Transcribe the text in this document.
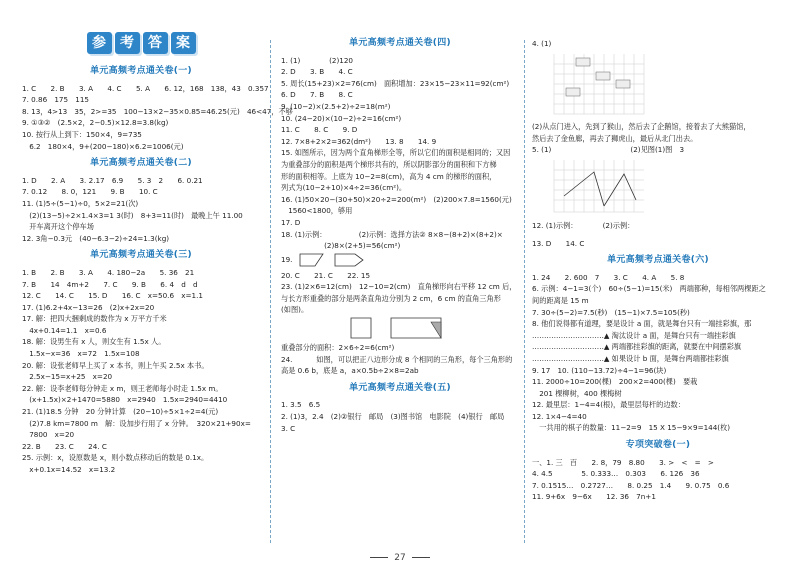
参	考	答	案
单元高频考点通关卷(一)
1. C　　2. B　　3. A　　4. C　　5. A　　6. 12，168　138，43　0.357
7. 0.86　175　115
8. 13，4>13　35，2>=35　100−13×2−35×0.85=46.25(元)　46<47，不够
9. ①③②　(2.5×2，2−0.5)×12.8=3.8(kg)
10. 按行从上到下：150×4，9=735
　6.2　180×4，9+(200−180)×6.2=1006(元)
单元高频考点通关卷(二)
1. D　　2. A　　3. 2.17　6.9　　5. 3　2　　6. 0.21
7. 0.12　　8. 0，121　　9. B　　10. C
11. (1)5÷(5−1)÷0，5×2=21(次)
　(2)(13−5)÷2×1.4×3=1 3(时)　8+3=11(时)　最晚上午 11.00
　开车离开这个停车场
12. 3角−0.3元　(40−6.3−2)÷24=1.3(kg)
单元高频考点通关卷(三)
1. B　　2. B　　3. A　　4. 180−2a　　5. 36　21
7. B　　14　4m+2　　7. C　　9. B　　6. 4　d　d
12. C　　14. C　　15. D　　16. C　x=50.6　x=1.1
17. (1)6.2+4x−13=26　(2)x+2x=20
17. 解：把四大捆剩成的数作为 x 万平方千米
　4x+0.14=1.1　x=0.6
18. 解：设男生有 x 人，则女生有 1.5x 人。
　1.5x−x=36　x=72　1.5x=108
20. 解：设张老师早上买了 x 本书，则上午买 2.5x 本书。
　2.5x−15=x+25　x=20
22. 解：设李老师每分钟走 x m，则王老师每小时走 1.5x m。
　(x+1.5x)×2+1470=5880　x=2940　1.5x=2940=4410
21. (1)18.5 分钟　20 分钟计算　(20−10)÷5×1÷2=4(元)
　(2)7.8 km=7800 m　解：设加步行用了 x 分钟。　320×21+90x=
　7800　x=20
22. B　　23. C　　24. C
25. 示例：x，设原数是 x，则小数点移动后的数是 0.1x。
　x+0.1x=14.52　x=13.2
单元高频考点通关卷(四)
1. (1)　　　　(2)120
2. D　　3. B　　4. C
5. 周长(15+23)×2=76(cm)　面积增加：23×15−23×11=92(cm²)
6. D　　7. B　　8. C
9. (10−2)×(2.5+2)÷2=18(m²)
10. (24−20)×(10−2)÷2=16(cm²)
11. C　　8. C　　9. D
12. 7×8+2×2=362(dm²)　　13. 8　　14. 9
15. 如图所示，因为两个直角梯形全等，所以它们的面积是相同的；又因
为重叠部分的面积是两个梯形共有的，所以阴影部分的面积和下方梯
形的面积相等。上底为 10−2=8(cm)，高为 4 cm 的梯形的面积，
列式为(10−2+10)×4÷2=36(cm²)。
16. (1)50×20−(30+50)×20÷2=200(m²)　(2)200×7.8=1560(元)
　1560<1800，够用
17. D
18. (1)示例：　　　　　(2)示例：选择方法② 8×8−(8+2)×(8+2)×
　　　　　　(2)8×(2+5)=56(cm²)
19.
20. C　　21. C　　22. 15
23. (1)2×6=12(cm)　12−10=2(cm)　直角梯形向右平移 12 cm 后，
与长方形重叠的部分是两条直角边分别为 2 cm，6 cm 的直角三角形
(如图)。
重叠部分的面积：2×6÷2=6(cm²)
24. 　　　如图，可以把正八边形分成 8 个相同的三角形，每个三角形的
高是 0.6 b，底是 a，a×0.5b÷2×8=2ab
单元高频考点通关卷(五)
1. 3.5　6.5
2. (1)3，2.4　(2)②银行　邮局　(3)图书馆　电影院　(4)银行　邮局
3. C
4. (1)
(2)从点门进入，先到了猴山，然后去了企鹅馆，接着去了大熊猫馆，
然后去了金鱼廊，再去了狮虎山，最后从北门出去。
5. (1)　　　　　　　　　　　(2)见图(1)图　3
12. (1)示例：　　　　(2)示例：
13. D　　14. C
单元高频考点通关卷(六)
1. 24　　2. 600　7　　3. C　　4. A　　5. 8
6. 示例：4−1=3(个)　60÷(5−1)=15(米)　两端都种，每相邻两棵距之
间的距离是 15 m
7. 30÷(5−2)=7.5(秒)　(15−1)×7.5=105(秒)
8. 他们说得都有道理，要是设计 a 面，就是舞台只有一端挂彩旗，那
…………………………▲ 淘汰设计 a 面，是舞台只有一端挂彩旗
…………………………▲ 两端都挂彩旗的距离，就要在中间摆彩旗
…………………………▲ 如果设计 b 面，是舞台两端都挂彩旗
9. 17　10. (110−13.72)÷4−1=96(块)
11. 2000÷10=200(棵)　200×2=400(棵)　要栽
　201 棵柳树，400 棵梅树
12. 最里层：1−4=4(根)，最里层每杆的边数：
12. 1×4−4=40
　一共用的棋子的数量：11−2=9　15 X 15−9×9=144(枚)
专项突破卷(一)
一、1. 三　百　　2. 8，79　8.80　　3. >　<　=　>
4. 4.5　　　　5. 0.333…　0.303　　6. 126　36
7. 0.1515…　0.2727…　　8. 0.25　1.4　　9. 0.75　0.6
11. 9+6x　9−6x　　12. 36　7n+1
27
